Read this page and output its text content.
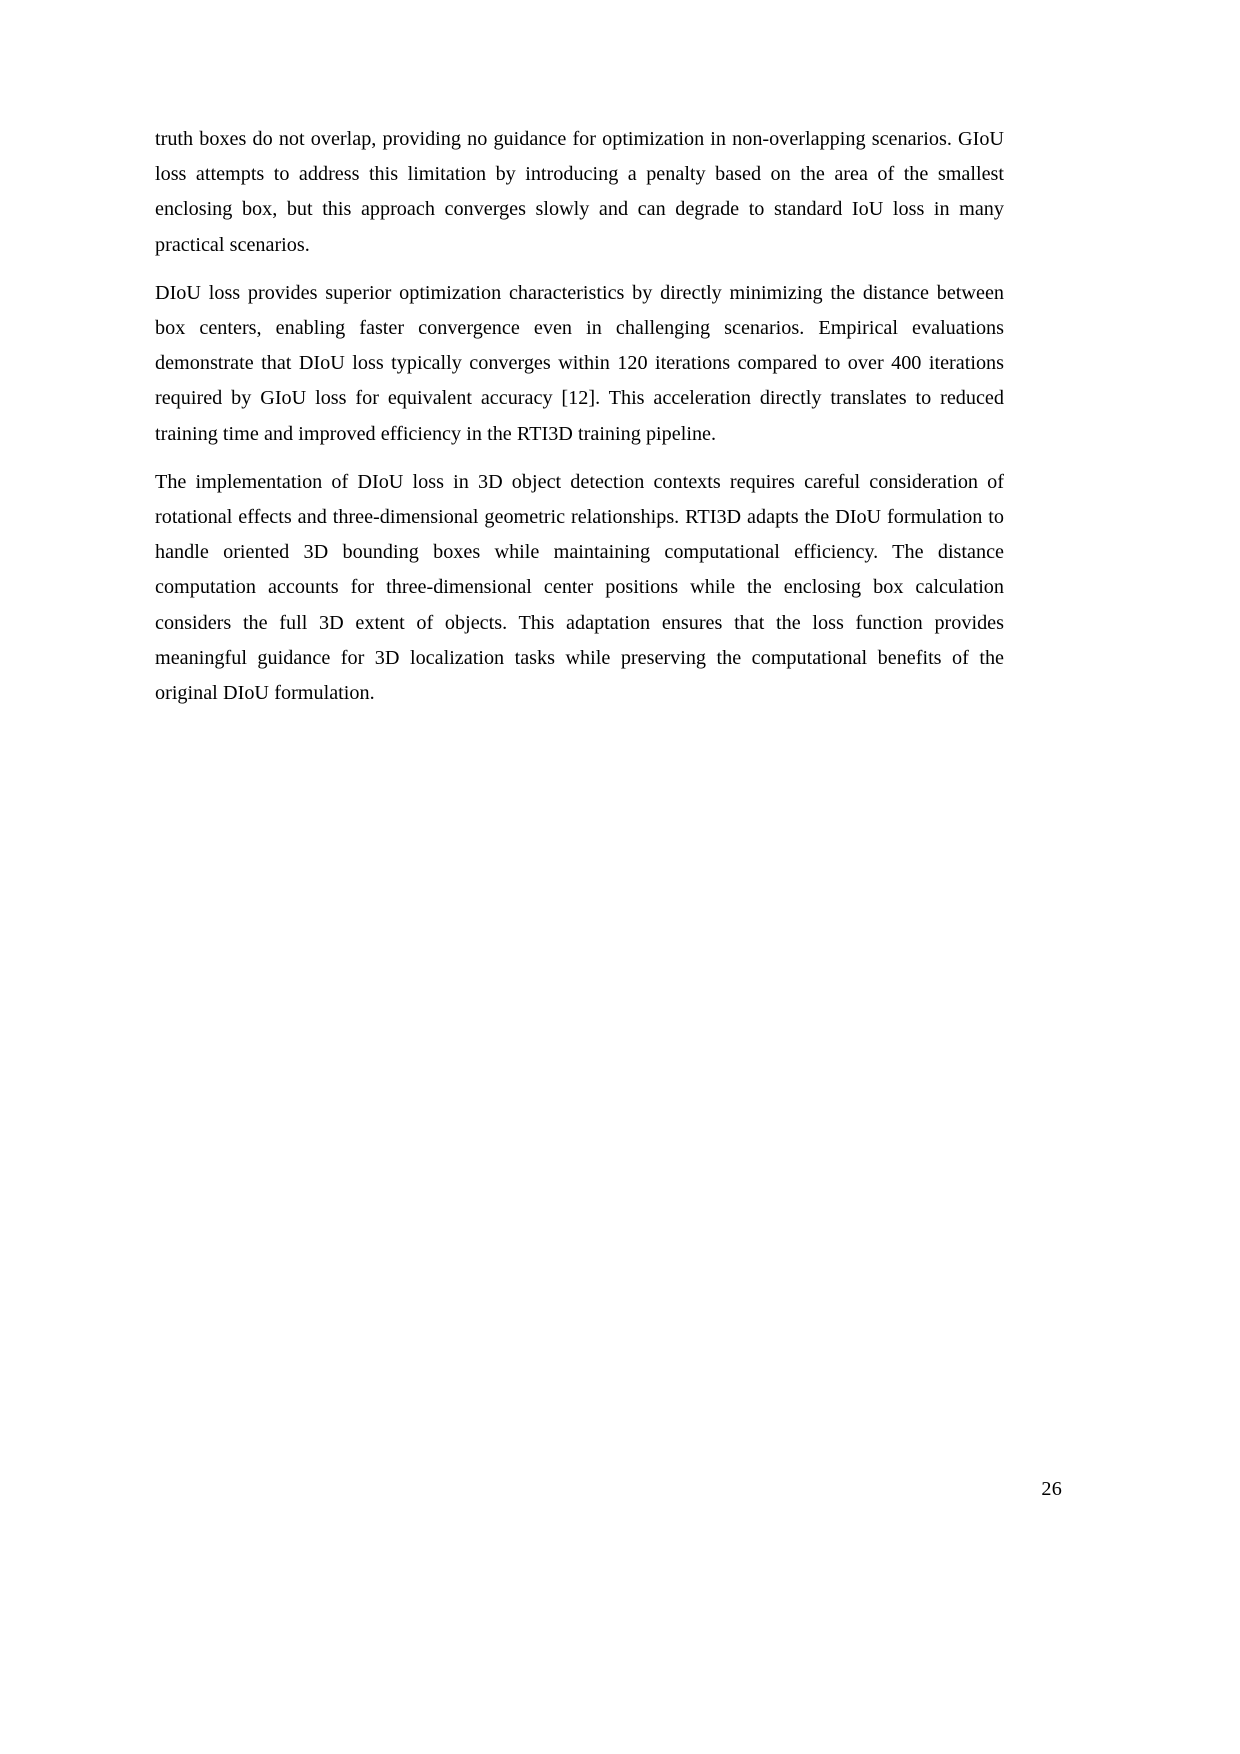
truth boxes do not overlap, providing no guidance for optimization in non-overlapping scenarios. GIoU loss attempts to address this limitation by introducing a penalty based on the area of the smallest enclosing box, but this approach converges slowly and can degrade to standard IoU loss in many practical scenarios.

DIoU loss provides superior optimization characteristics by directly minimizing the distance between box centers, enabling faster convergence even in challenging scenarios. Empirical evaluations demonstrate that DIoU loss typically converges within 120 iterations compared to over 400 iterations required by GIoU loss for equivalent accuracy [12]. This acceleration directly translates to reduced training time and improved efficiency in the RTI3D training pipeline.

The implementation of DIoU loss in 3D object detection contexts requires careful consideration of rotational effects and three-dimensional geometric relationships. RTI3D adapts the DIoU formulation to handle oriented 3D bounding boxes while maintaining computational efficiency. The distance computation accounts for three-dimensional center positions while the enclosing box calculation considers the full 3D extent of objects. This adaptation ensures that the loss function provides meaningful guidance for 3D localization tasks while preserving the computational benefits of the original DIoU formulation.

26
